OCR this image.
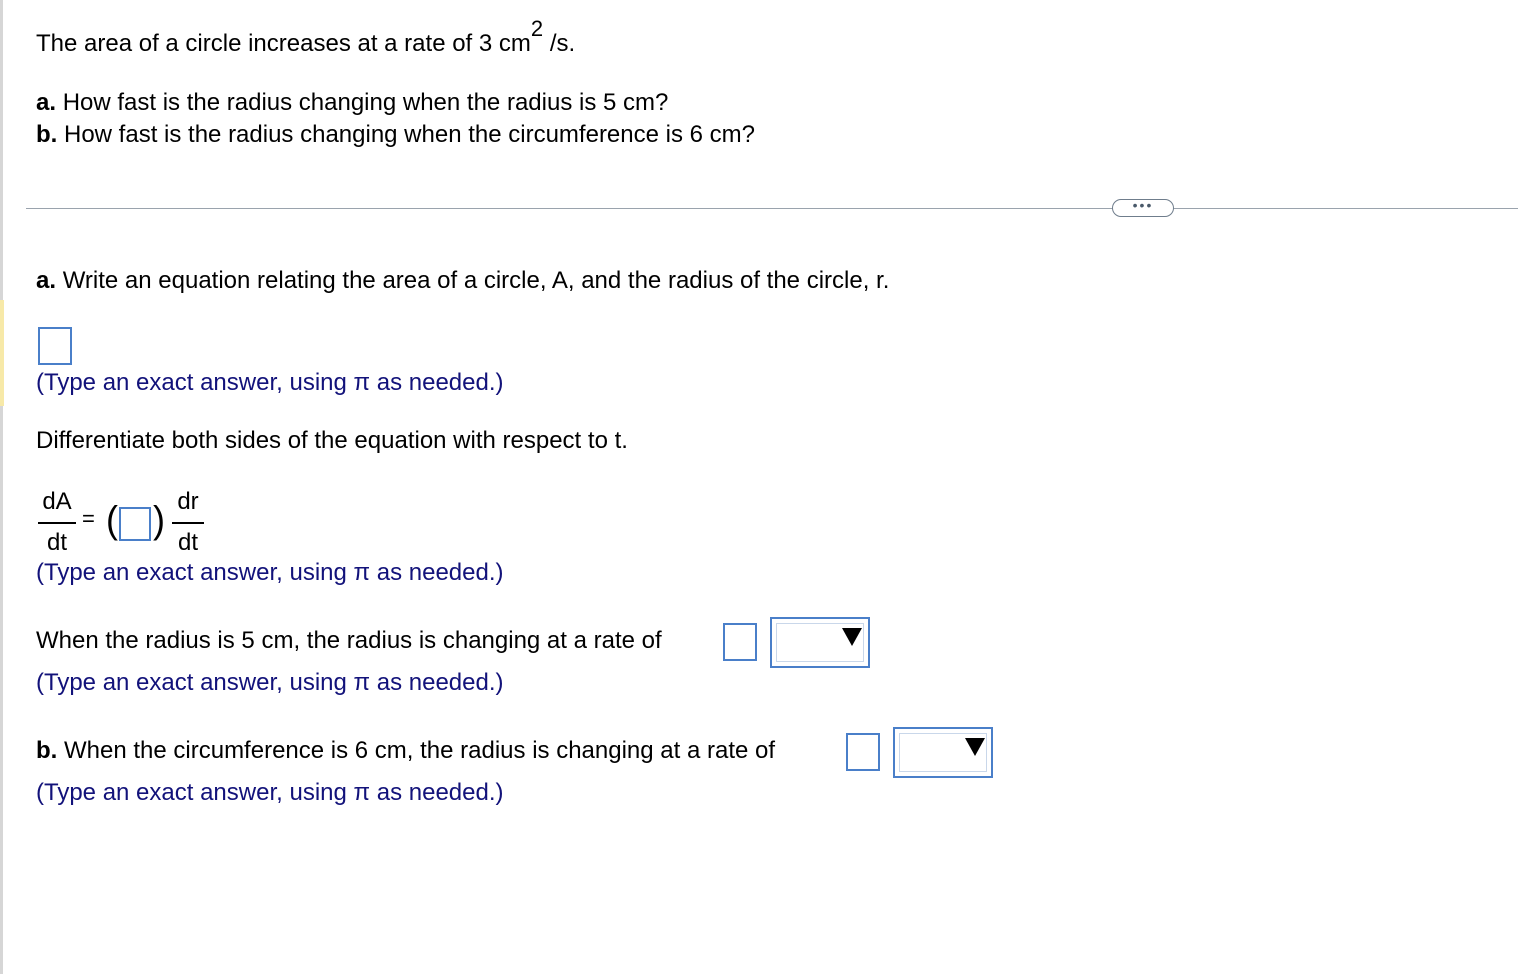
The area of a circle increases at a rate of 3 $cm^2$ /s.
a. How fast is the radius changing when the radius is 5 cm?
b. How fast is the radius changing when the circumference is 6 cm?
•••
a. Write an equation relating the area of a circle, A, and the radius of the circle, r.
(Type an exact answer, using π as needed.)
Differentiate both sides of the equation with respect to t.
dA
dt
= ( ) dr
dt
(Type an exact answer, using π as needed.)
When the radius is 5 cm, the radius is changing at a rate of
(Type an exact answer, using π as needed.)
b. When the circumference is 6 cm, the radius is changing at a rate of
(Type an exact answer, using π as needed.)
